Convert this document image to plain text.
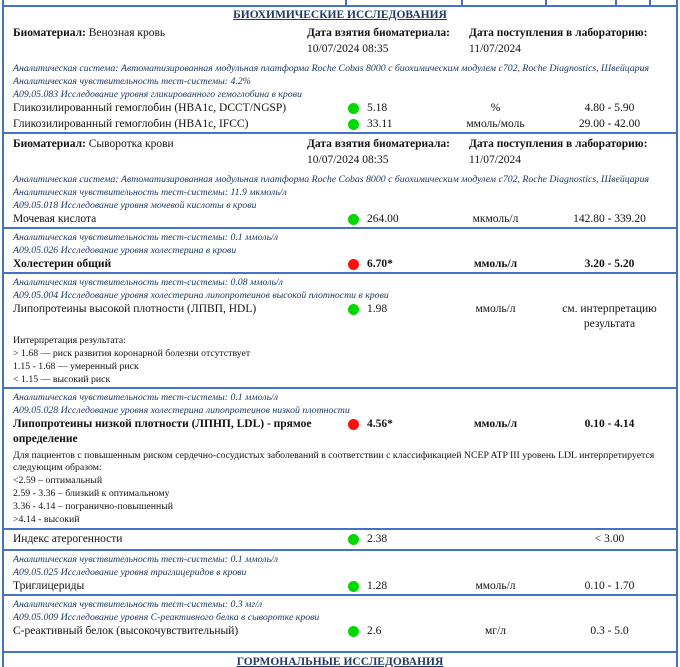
БИОХИМИЧЕСКИЕ ИССЛЕДОВАНИЯ
Биоматериал: Венозная кровь	Дата взятия биоматериала:
10/07/2024 08:35
Дата поступления в лабораторию:
11/07/2024
Аналитическая система: Автоматизированная модульная платформа Roche Cobas 8000 с биохимическим модулем c702, Roche Diagnostics, Швейцария
Аналитическая чувствительность тест-системы: 4.2%
A09.05.083 Исследование уровня гликированного гемоглобина в крови
Гликозилированный гемоглобин (HBA1c, DCCT/NGSP)	5.18	%	4.80 - 5.90
Гликозилированный гемоглобин (HBA1c, IFCC)	33.11	ммоль/моль	29.00 - 42.00
Биоматериал: Сыворотка крови	Дата взятия биоматериала:
10/07/2024 08:35
Дата поступления в лабораторию:
11/07/2024
Аналитическая система: Автоматизированная модульная платформа Roche Cobas 8000 с биохимическим модулем c702, Roche Diagnostics, Швейцария
Аналитическая чувствительность тест-системы: 11.9 мкмоль/л
A09.05.018 Исследование уровня мочевой кислоты в крови
Мочевая кислота	264.00	мкмоль/л	142.80 - 339.20
Аналитическая чувствительность тест-системы: 0.1 ммоль/л
A09.05.026 Исследование уровня холестерина в крови
Холестерин общий	6.70*	ммоль/л	3.20 - 5.20
Аналитическая чувствительность тест-системы: 0.08 ммоль/л
A09.05.004 Исследование уровня холестерина липопротеинов высокой плотности в крови
Липопротеины высокой плотности (ЛПВП, HDL)	1.98	ммоль/л	см. интерпретацию результата
Интерпретация результата:
> 1.68 — риск развития коронарной болезни отсутствует
1.15 - 1.68 — умеренный риск
< 1.15 — высокий риск
Аналитическая чувствительность тест-системы: 0.1 ммоль/л
A09.05.028 Исследование уровня холестерина липопротеинов низкой плотности
Липопротеины низкой плотности (ЛПНП, LDL) - прямое определение
4.56*	ммоль/л	0.10 - 4.14
Для пациентов с повышенным риском сердечно-сосудистых заболеваний в соответствии с классификацией NCEP ATP III уровень LDL интерпретируется следующим образом:
<2.59 – оптимальный
2.59 - 3.36 – близкий к оптимальному
3.36 - 4.14 – погранично-повышенный
>4.14 - высокий
Индекс атерогенности	2.38	< 3.00
Аналитическая чувствительность тест-системы: 0.1 ммоль/л
A09.05.025 Исследование уровня триглицеридов в крови
Триглицериды	1.28	ммоль/л	0.10 - 1.70
Аналитическая чувствительность тест-системы: 0.3 мг/л
A09.05.009 Исследование уровня C-реактивного белка в сыворотке крови
C-реактивный белок (высокочувствительный)	2.6	мг/л	0.3 - 5.0
ГОРМОНАЛЬНЫЕ ИССЛЕДОВАНИЯ
